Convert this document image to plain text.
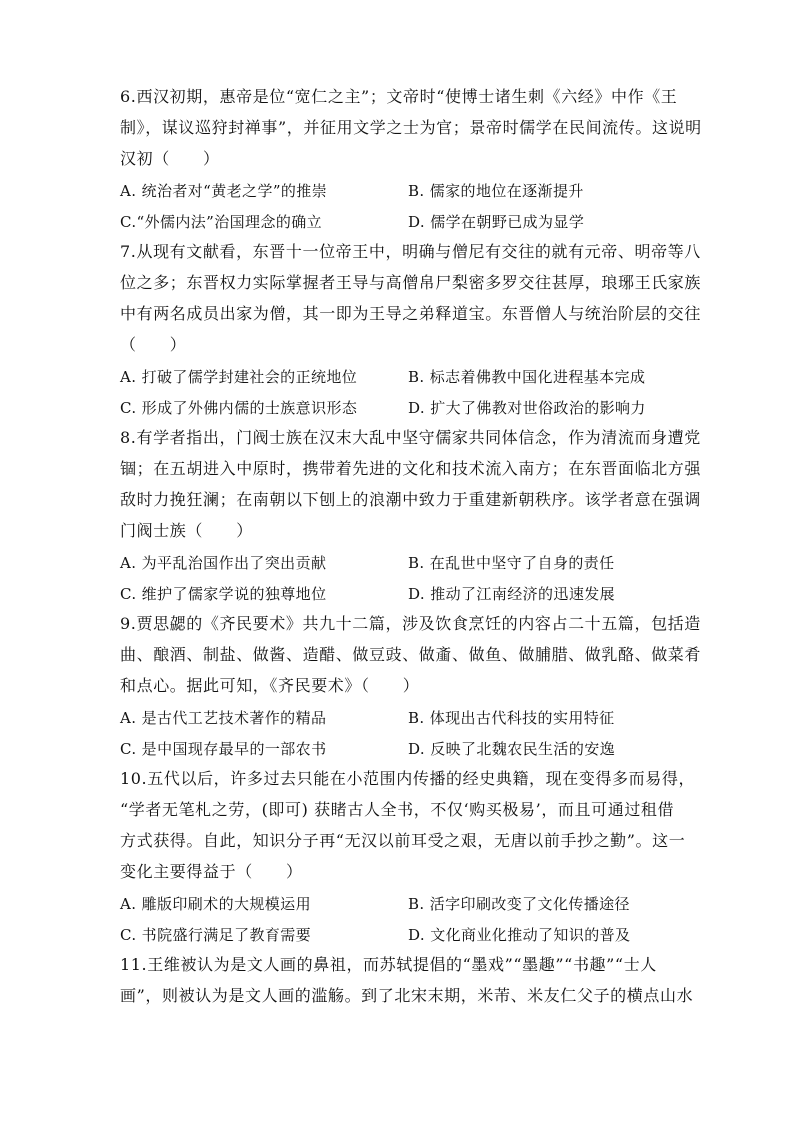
6.西汉初期，惠帝是位“宽仁之主”；文帝时“使博士诸生刺《六经》中作《王
制》，谋议巡狩封禅事”，并征用文学之士为官；景帝时儒学在民间流传。这说明
汉初（　　）
A. 统治者对“黄老之学”的推崇	B. 儒家的地位在逐渐提升
C.“外儒内法”治国理念的确立	D. 儒学在朝野已成为显学
7.从现有文献看，东晋十一位帝王中，明确与僧尼有交往的就有元帝、明帝等八
位之多；东晋权力实际掌握者王导与高僧帛尸梨密多罗交往甚厚，琅琊王氏家族
中有两名成员出家为僧，其一即为王导之弟释道宝。东晋僧人与统治阶层的交往
（　　）
A. 打破了儒学封建社会的正统地位	B. 标志着佛教中国化进程基本完成
C. 形成了外佛内儒的士族意识形态	D. 扩大了佛教对世俗政治的影响力
8.有学者指出，门阀士族在汉末大乱中坚守儒家共同体信念，作为清流而身遭党
锢；在五胡进入中原时，携带着先进的文化和技术流入南方；在东晋面临北方强
敌时力挽狂澜；在南朝以下刨上的浪潮中致力于重建新朝秩序。该学者意在强调
门阀士族（　　）
A. 为平乱治国作出了突出贡献	B. 在乱世中坚守了自身的责任
C. 维护了儒家学说的独尊地位	D. 推动了江南经济的迅速发展
9.贾思勰的《齐民要术》共九十二篇，涉及饮食烹饪的内容占二十五篇，包括造
曲、酿酒、制盐、做酱、造醋、做豆豉、做齑、做鱼、做脯腊、做乳酪、做菜肴
和点心。据此可知，《齐民要术》（　　）
A. 是古代工艺技术著作的精品	B. 体现出古代科技的实用特征
C. 是中国现存最早的一部农书	D. 反映了北魏农民生活的安逸
10.五代以后，许多过去只能在小范围内传播的经史典籍，现在变得多而易得，
“学者无笔札之劳，(即可) 获睹古人全书，不仅‘购买极易’，而且可通过租借
方式获得。自此，知识分子再“无汉以前耳受之艰，无唐以前手抄之勤”。这一
变化主要得益于（　　）
A. 雕版印刷术的大规模运用	B. 活字印刷改变了文化传播途径
C. 书院盛行满足了教育需要	D. 文化商业化推动了知识的普及
11.王维被认为是文人画的鼻祖，而苏轼提倡的“墨戏”“墨趣”“书趣”“士人
画”，则被认为是文人画的滥觞。到了北宋末期，米芾、米友仁父子的横点山水
